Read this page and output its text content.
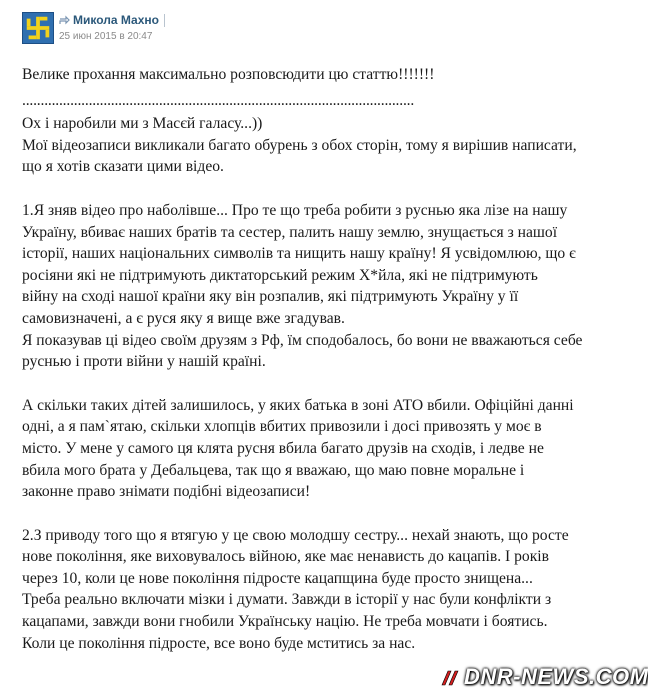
Микола Махно
25 июн 2015 в 20:47

Велике прохання максимально розповсюдити цю статтю!!!!!!!

..........................................................................................................

Ох і наробили ми з Масєй галасу...))
Мої відеозаписи викликали багато обурень з обох сторін, тому я вирішив написати,
що я хотів сказати цими відео.

1.Я зняв відео про наболівше... Про те що треба робити з руснью яка лізе на нашу
Україну, вбиває наших братів та сестер, палить нашу землю, знущається з нашої
історії, наших національних символів та нищить нашу країну! Я усвідомлюю, що є
росіяни які не підтримують диктаторський режим Х*йла, які не підтримують
війну на сході нашої країни яку він розпалив, які підтримують Україну у її
самовизначені, а є руся яку я вище вже згадував.
Я показував ці відео своїм друзям з Рф, їм сподобалось, бо вони не вважаються себе
руснью і проти війни у нашій країні.

А скільки таких дітей залишилось, у яких батька в зоні АТО вбили. Офіційні данні
одні, а я пам`ятаю, скільки хлопців вбитих привозили і досі привозять у моє в
місто. У мене у самого ця клята русня вбила багато друзів на сходів, і ледве не
вбила мого брата у Дебальцева, так що я вважаю, що маю повне моральне і
законне право знімати подібні відеозаписи!

2.З приводу того що я втягую у це свою молодшу сестру... нехай знають, що росте
нове покоління, яке виховувалось війною, яке має ненависть до кацапів. І років
через 10, коли це нове покоління підросте кацапщина буде просто знищена...
Треба реально включати мізки і думати. Завжди в історії у нас були конфлікти з
кацапами, завжди вони гнобили Українську націю. Не треба мовчати і боятись.
Коли це покоління підросте, все воно буде мститись за нас.

DNR-NEWS.COM
